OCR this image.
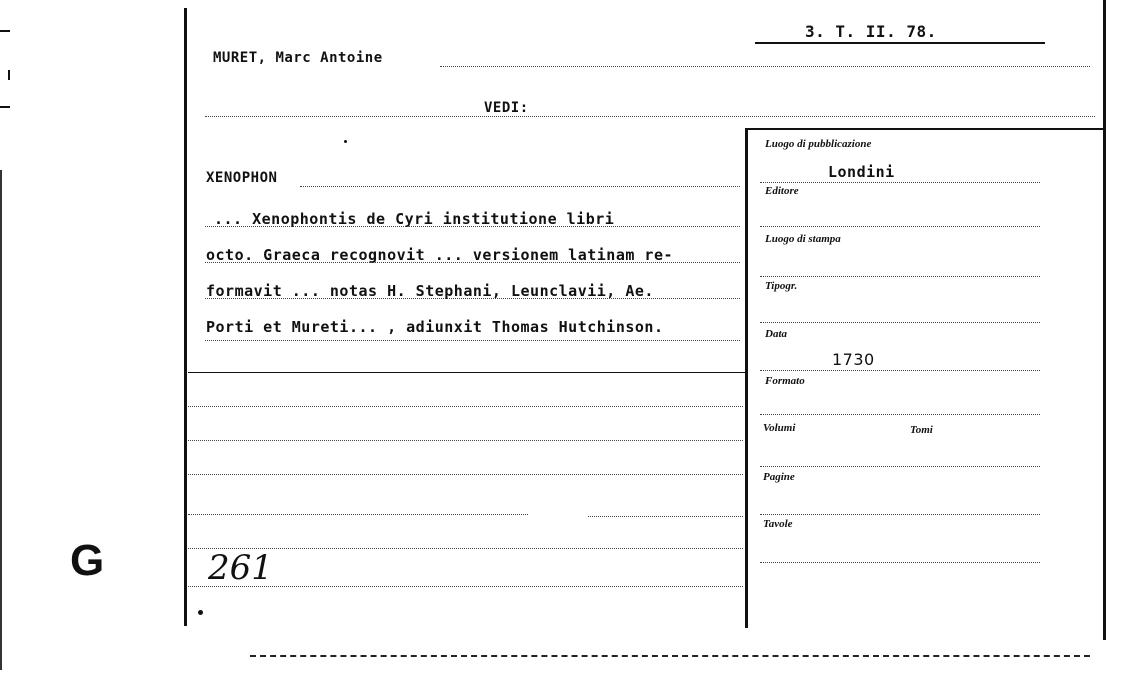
G
3. T. II. 78.
MURET, Marc Antoine
VEDI:
XENOPHON
... Xenophontis de Cyri institutione libri
octo. Graeca recognovit ... versionem latinam re-
formavit ... notas H. Stephani, Leunclavii, Ae.
Porti et Mureti... , adiunxit Thomas Hutchinson.
261
Luogo di pubblicazione
Londini
Editore
Luogo di stampa
Tipogr.
Data
1730
Formato
Volumi	Tomi
Pagine
Tavole
